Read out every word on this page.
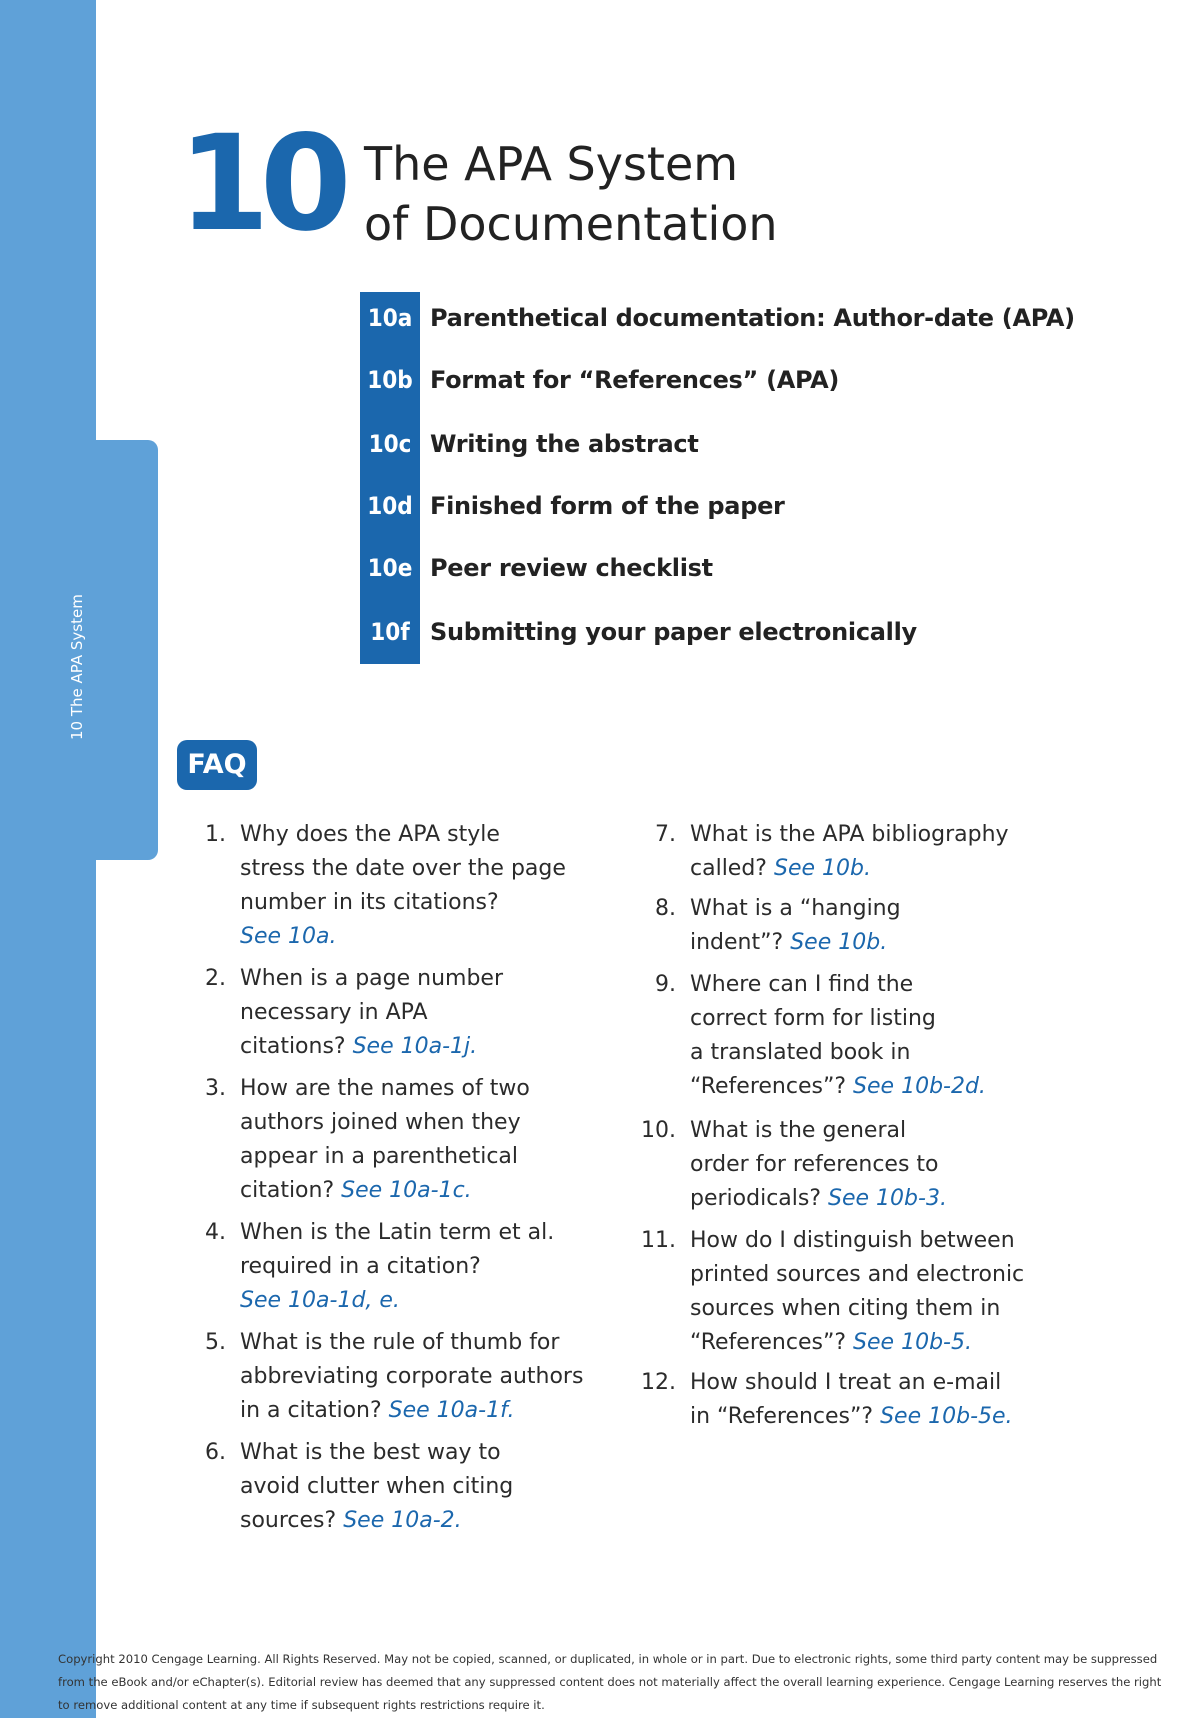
10 The APA System
10 The APA System
of Documentation
10a Parenthetical documentation: Author-date (APA)
10b Format for “References” (APA)
10c Writing the abstract
10d Finished form of the paper
10e Peer review checklist
10f Submitting your paper electronically
FAQ
1. Why does the APA style
stress the date over the page
number in its citations?
See 10a.
2. When is a page number
necessary in APA
citations? See 10a-1j.
3. How are the names of two
authors joined when they
appear in a parenthetical
citation? See 10a-1c.
4. When is the Latin term et al.
required in a citation?
See 10a-1d, e.
5. What is the rule of thumb for
abbreviating corporate authors
in a citation? See 10a-1f.
6. What is the best way to
avoid clutter when citing
sources? See 10a-2.
7. What is the APA bibliography
called? See 10b.
8. What is a “hanging
indent”? See 10b.
9. Where can I find the
correct form for listing
a translated book in
“References”? See 10b-2d.
10. What is the general
order for references to
periodicals? See 10b-3.
11. How do I distinguish between
printed sources and electronic
sources when citing them in
“References”? See 10b-5.
12. How should I treat an e-mail
in “References”? See 10b-5e.
Copyright 2010 Cengage Learning. All Rights Reserved. May not be copied, scanned, or duplicated, in whole or in part. Due to electronic rights, some third party content may be suppressed from the eBook and/or eChapter(s). Editorial review has deemed that any suppressed content does not materially affect the overall learning experience. Cengage Learning reserves the right to remove additional content at any time if subsequent rights restrictions require it.
